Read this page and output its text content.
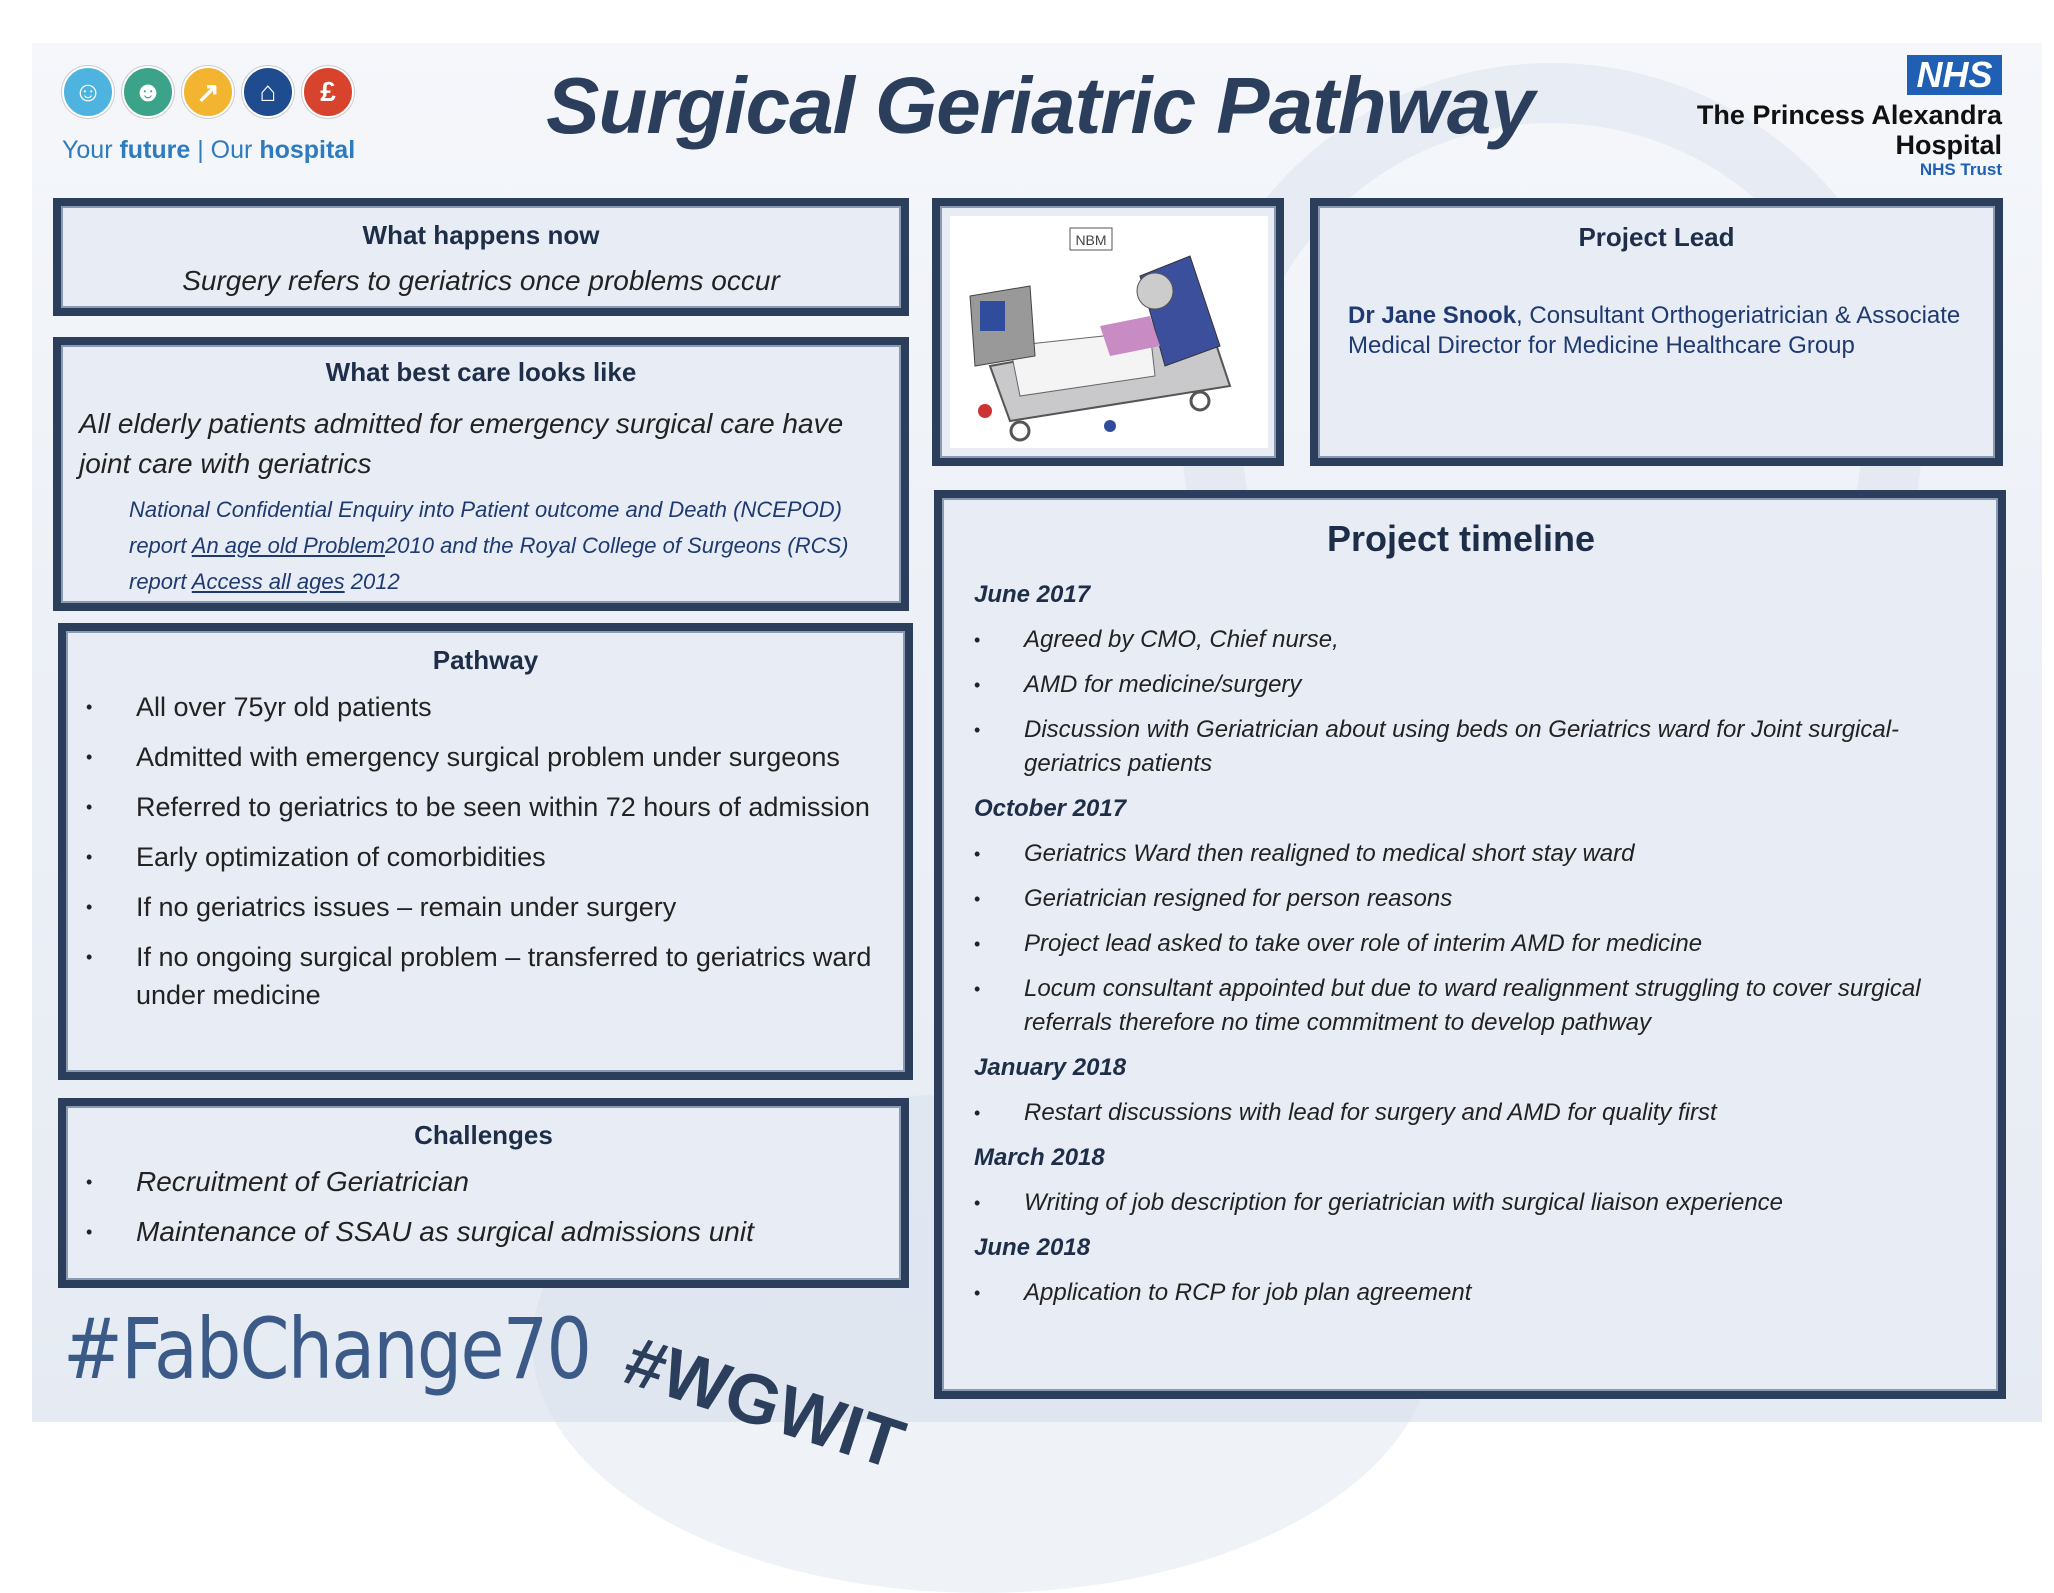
☺	☻	↗	⌂	£
Your future | Our hospital	Surgical Geriatric Pathway	NHS
The Princess Alexandra
Hospital
NHS Trust
What happens now
Surgery refers to geriatrics once problems occur
What best care looks like
All elderly patients admitted for emergency surgical care have joint care with geriatrics
National Confidential Enquiry into Patient outcome and Death (NCEPOD) report An age old Problem2010 and the Royal College of Surgeons (RCS) report Access all ages 2012
Pathway
• All over 75yr old patients
• Admitted with emergency surgical problem under surgeons
• Referred to geriatrics to be seen within 72 hours of admission
• Early optimization of comorbidities
• If no geriatrics issues – remain under surgery
• If no ongoing surgical problem – transferred to geriatrics ward under medicine
Challenges
• Recruitment of Geriatrician
• Maintenance of SSAU as surgical admissions unit
NBM	Project Lead
Dr Jane Snook, Consultant Orthogeriatrician & Associate Medical Director for Medicine Healthcare Group
Project timeline
June 2017
• Agreed by CMO, Chief nurse,
• AMD for medicine/surgery
• Discussion with Geriatrician about using beds on Geriatrics ward for Joint surgical-geriatrics patients
October 2017
• Geriatrics Ward then realigned to medical short stay ward
• Geriatrician resigned for person reasons
• Project lead asked to take over role of interim AMD for medicine
• Locum consultant appointed but due to ward realignment struggling to cover surgical referrals therefore no time commitment to develop pathway
January 2018
• Restart discussions with lead for surgery and AMD for quality first
March 2018
• Writing of job description for geriatrician with surgical liaison experience
June 2018
• Application to RCP for job plan agreement
#FabChange70 #WGWIT
